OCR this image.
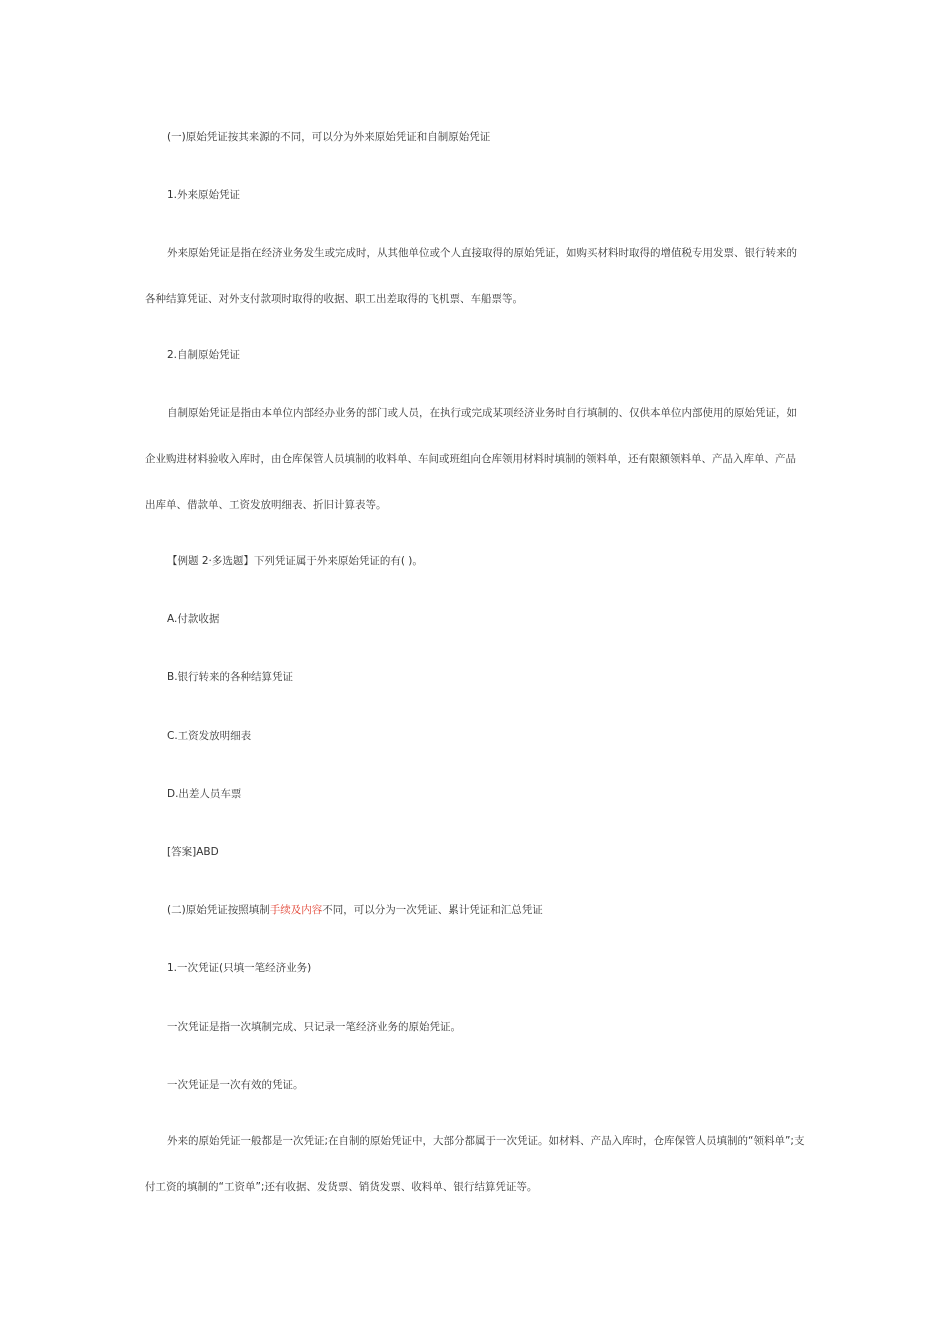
(一)原始凭证按其来源的不同，可以分为外来原始凭证和自制原始凭证

1.外来原始凭证

外来原始凭证是指在经济业务发生或完成时，从其他单位或个人直接取得的原始凭证，如购买材料时取得的增值税专用发票、银行转来的各种结算凭证、对外支付款项时取得的收据、职工出差取得的飞机票、车船票等。

2.自制原始凭证

自制原始凭证是指由本单位内部经办业务的部门或人员，在执行或完成某项经济业务时自行填制的、仅供本单位内部使用的原始凭证，如企业购进材料验收入库时，由仓库保管人员填制的收料单、车间或班组向仓库领用材料时填制的领料单，还有限额领料单、产品入库单、产品出库单、借款单、工资发放明细表、折旧计算表等。

【例题 2·多选题】下列凭证属于外来原始凭证的有( )。

A.付款收据

B.银行转来的各种结算凭证

C.工资发放明细表

D.出差人员车票

[答案]ABD

(二)原始凭证按照填制手续及内容不同，可以分为一次凭证、累计凭证和汇总凭证

1.一次凭证(只填一笔经济业务)

一次凭证是指一次填制完成、只记录一笔经济业务的原始凭证。

一次凭证是一次有效的凭证。

外来的原始凭证一般都是一次凭证;在自制的原始凭证中，大部分都属于一次凭证。如材料、产品入库时，仓库保管人员填制的“领料单”;支付工资的填制的“工资单”;还有收据、发货票、销货发票、收料单、银行结算凭证等。
